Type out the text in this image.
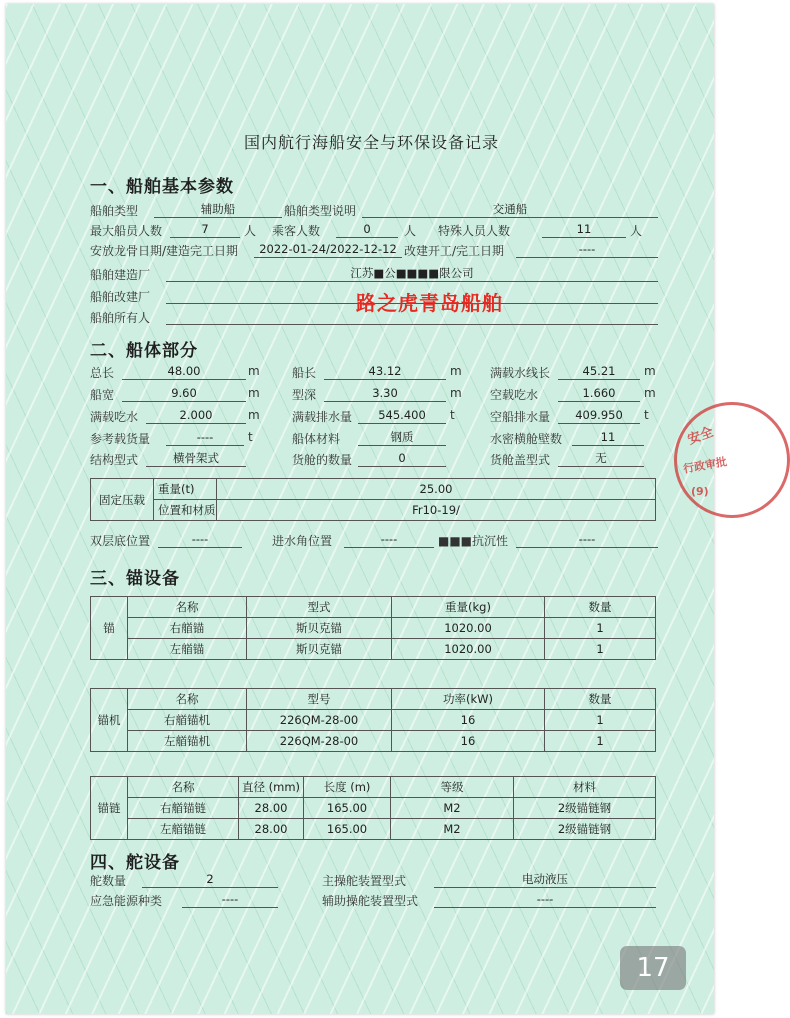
国内航行海船安全与环保设备记录
一、船舶基本参数
船舶类型	辅助船	船舶类型说明	交通船
最大船员人数	7	人 乘客人数	0	人 特殊人员人数	11	人
安放龙骨日期/建造完工日期	2022-01-24/2022-12-12 改建开工/完工日期	----
船舶建造厂	江苏■公■■■■限公司
船舶改建厂	路之虎青岛船舶
船舶所有人
二、船体部分
总长	48.00	m	船长	43.12	m 满载水线长	45.21	m
船宽	9.60	m	型深	3.30	m 空载吃水	1.660	m
满载吃水	2.000	m	满载排水量	545.400	t	空船排水量	409.950	t
参考载货量	----	t	船体材料	钢质	水密横舱壁数	11
结构型式	横骨架式	货舱的数量	0	货舱盖型式	无
固定压载	重量(t)	25.00
	位置和材质	Fr10-19/
双层底位置	----	进水角位置	----	■■■抗沉性	----
三、锚设备
锚	名称	型式	重量(kg)	数量
	右艏锚	斯贝克锚	1020.00	1
	左艏锚	斯贝克锚	1020.00	1
锚机	名称	型号	功率(kW)	数量
	右艏锚机	226QM-28-00	16	1
	左艏锚机	226QM-28-00	16	1
锚链	名称	直径 (mm)	长度 (m)	等级	材料
	右艏锚链	28.00	165.00	M2	2级锚链钢
	左艏锚链	28.00	165.00	M2	2级锚链钢
四、舵设备
舵数量	2	主操舵装置型式	电动液压
应急能源种类	----	辅助操舵装置型式	----
安全
行政审批
(9)
17
